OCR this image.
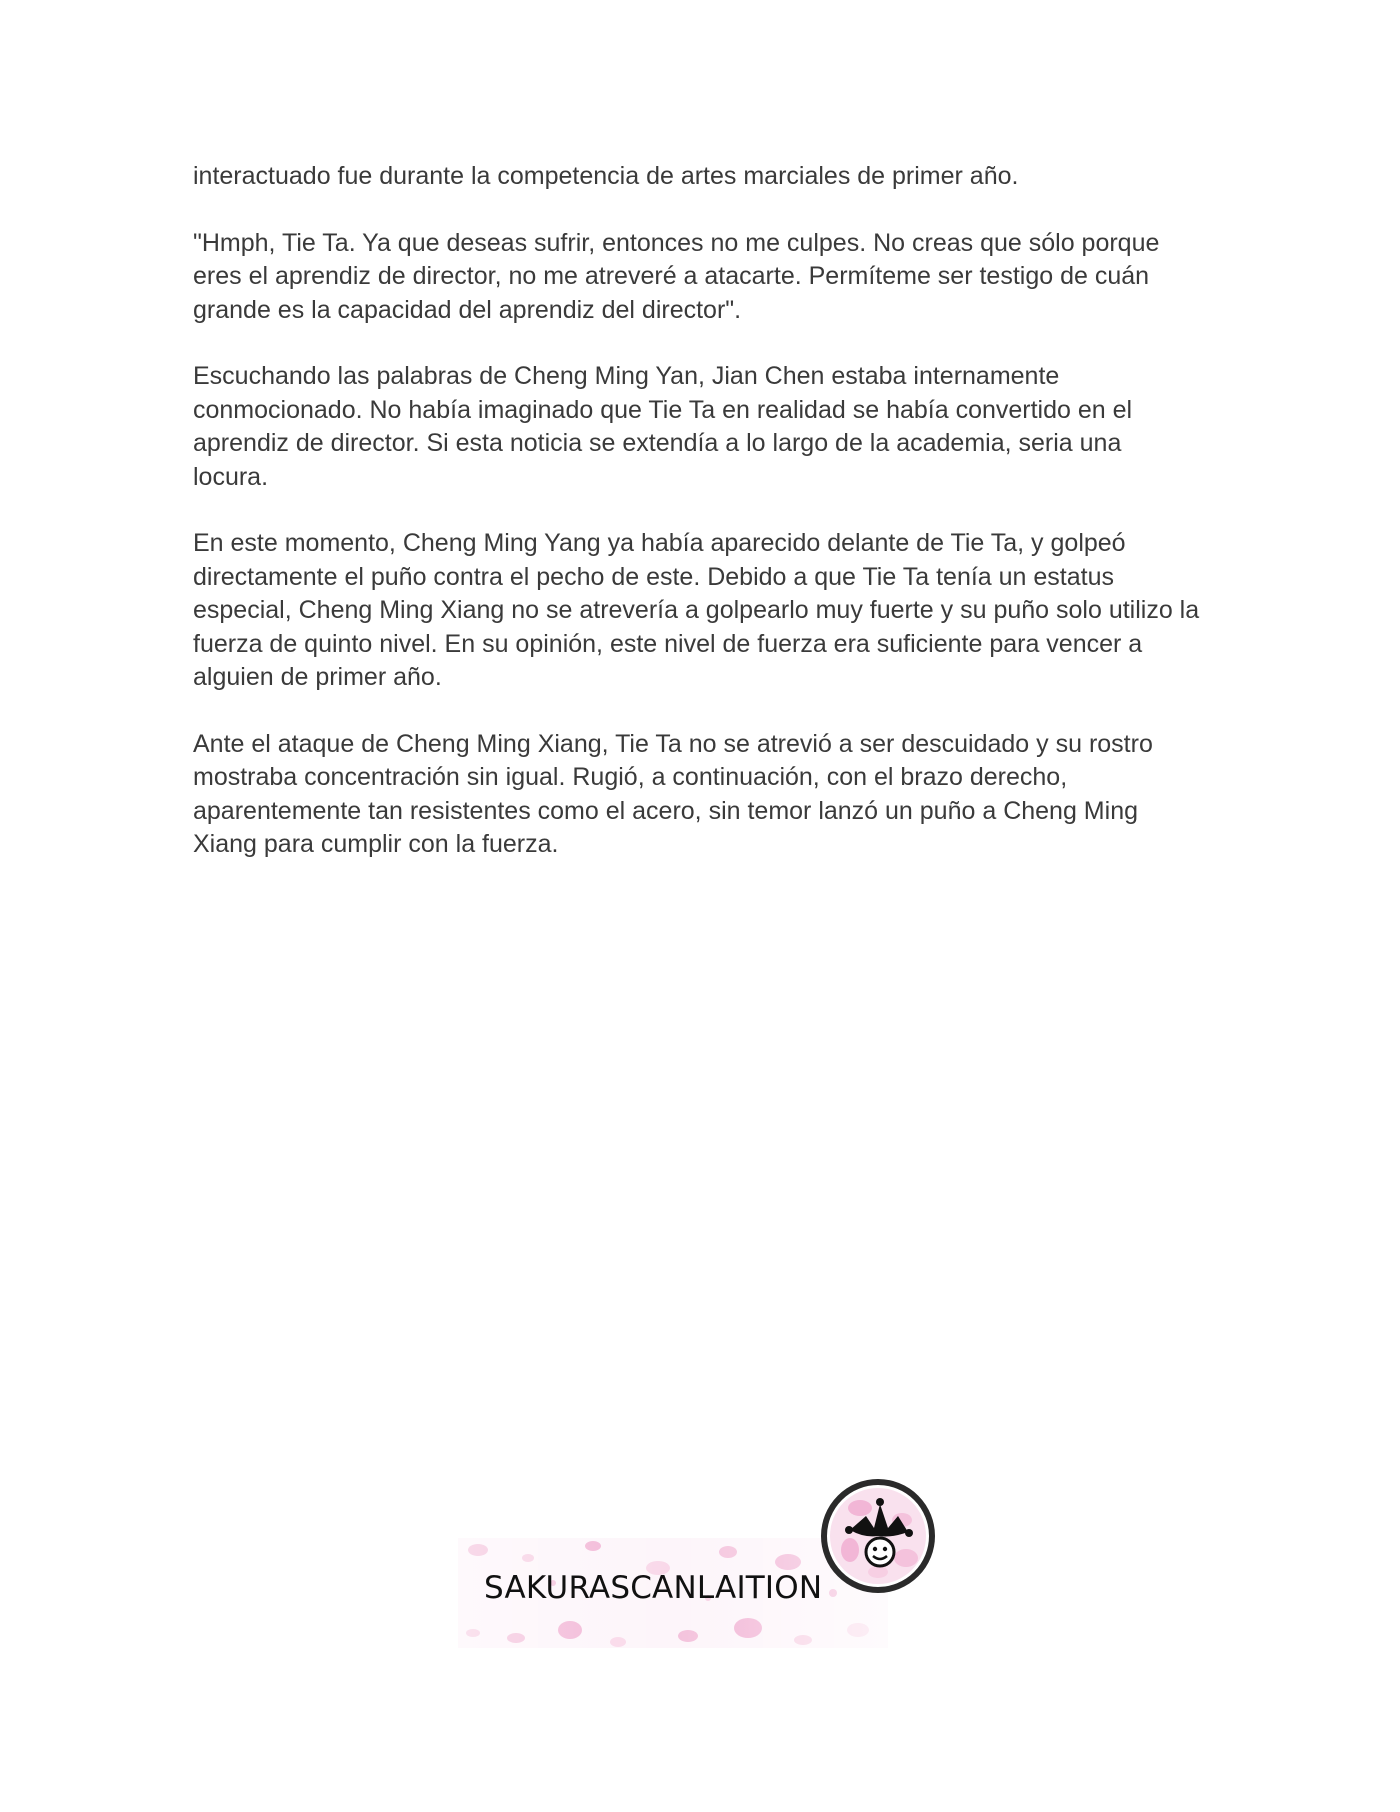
interactuado fue durante la competencia de artes marciales de primer año.

"Hmph, Tie Ta. Ya que deseas sufrir, entonces no me culpes. No creas que sólo porque eres el aprendiz de director, no me atreveré a atacarte. Permíteme ser testigo de cuán grande es la capacidad del aprendiz del director".

Escuchando las palabras de Cheng Ming Yan, Jian Chen estaba internamente conmocionado. No había imaginado que Tie Ta en realidad se había convertido en el aprendiz de director. Si esta noticia se extendía a lo largo de la academia, seria una locura.

En este momento, Cheng Ming Yang ya había aparecido delante de Tie Ta, y golpeó directamente el puño contra el pecho de este. Debido a que Tie Ta tenía un estatus especial, Cheng Ming Xiang no se atrevería a golpearlo muy fuerte y su puño solo utilizo la fuerza de quinto nivel. En su opinión, este nivel de fuerza era suficiente para vencer a alguien de primer año.

Ante el ataque de Cheng Ming Xiang, Tie Ta no se atrevió a ser descuidado y su rostro mostraba concentración sin igual. Rugió, a continuación, con el brazo derecho, aparentemente tan resistentes como el acero, sin temor lanzó un puño a Cheng Ming Xiang para cumplir con la fuerza.

SAKURASCANLAITION
